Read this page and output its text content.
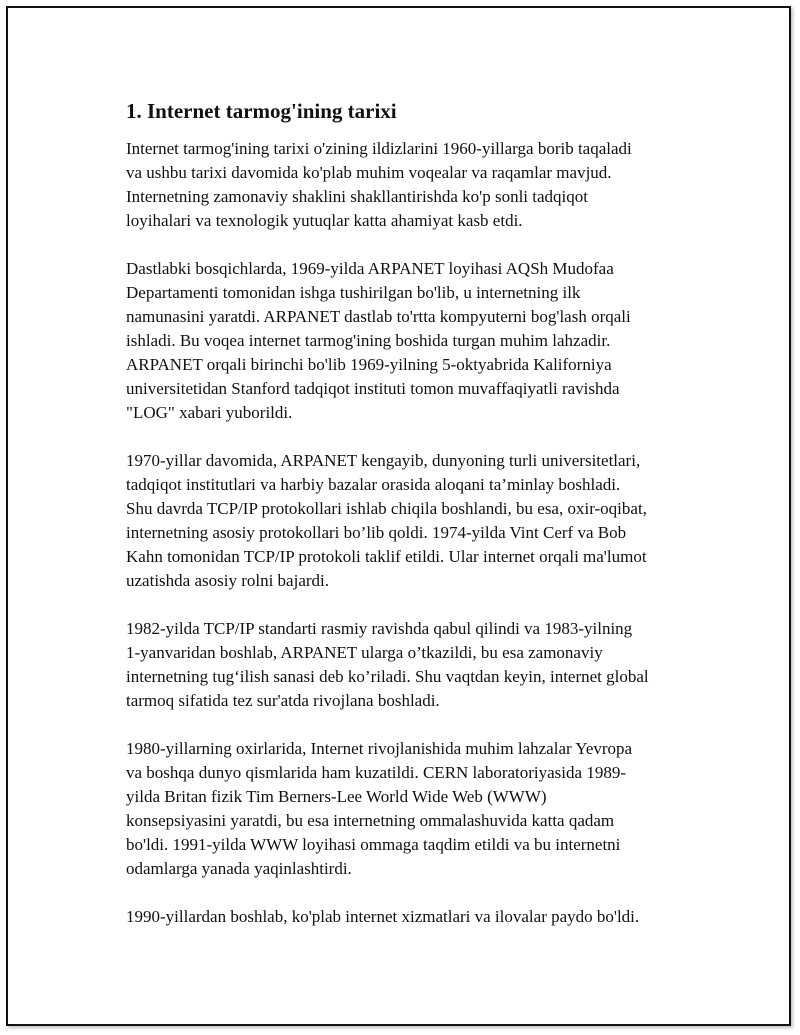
1. Internet tarmog'ining tarixi
Internet tarmog'ining tarixi o'zining ildizlarini 1960-yillarga borib taqaladi
va ushbu tarixi davomida ko'plab muhim voqealar va raqamlar mavjud.
Internetning zamonaviy shaklini shakllantirishda ko'p sonli tadqiqot
loyihalari va texnologik yutuqlar katta ahamiyat kasb etdi.
Dastlabki bosqichlarda, 1969-yilda ARPANET loyihasi AQSh Mudofaa
Departamenti tomonidan ishga tushirilgan bo'lib, u internetning ilk
namunasini yaratdi. ARPANET dastlab to'rtta kompyuterni bog'lash orqali
ishladi. Bu voqea internet tarmog'ining boshida turgan muhim lahzadir.
ARPANET orqali birinchi bo'lib 1969-yilning 5-oktyabrida Kaliforniya
universitetidan Stanford tadqiqot instituti tomon muvaffaqiyatli ravishda
"LOG" xabari yuborildi.
1970-yillar davomida, ARPANET kengayib, dunyoning turli universitetlari,
tadqiqot institutlari va harbiy bazalar orasida aloqani ta’minlay boshladi.
Shu davrda TCP/IP protokollari ishlab chiqila boshlandi, bu esa, oxir-oqibat,
internetning asosiy protokollari bo’lib qoldi. 1974-yilda Vint Cerf va Bob
Kahn tomonidan TCP/IP protokoli taklif etildi. Ular internet orqali ma'lumot
uzatishda asosiy rolni bajardi.
1982-yilda TCP/IP standarti rasmiy ravishda qabul qilindi va 1983-yilning
1-yanvaridan boshlab, ARPANET ularga o’tkazildi, bu esa zamonaviy
internetning tug‘ilish sanasi deb ko’riladi. Shu vaqtdan keyin, internet global
tarmoq sifatida tez sur'atda rivojlana boshladi.
1980-yillarning oxirlarida, Internet rivojlanishida muhim lahzalar Yevropa
va boshqa dunyo qismlarida ham kuzatildi. CERN laboratoriyasida 1989-
yilda Britan fizik Tim Berners-Lee World Wide Web (WWW)
konsepsiyasini yaratdi, bu esa internetning ommalashuvida katta qadam
bo'ldi. 1991-yilda WWW loyihasi ommaga taqdim etildi va bu internetni
odamlarga yanada yaqinlashtirdi.
1990-yillardan boshlab, ko'plab internet xizmatlari va ilovalar paydo bo'ldi.
